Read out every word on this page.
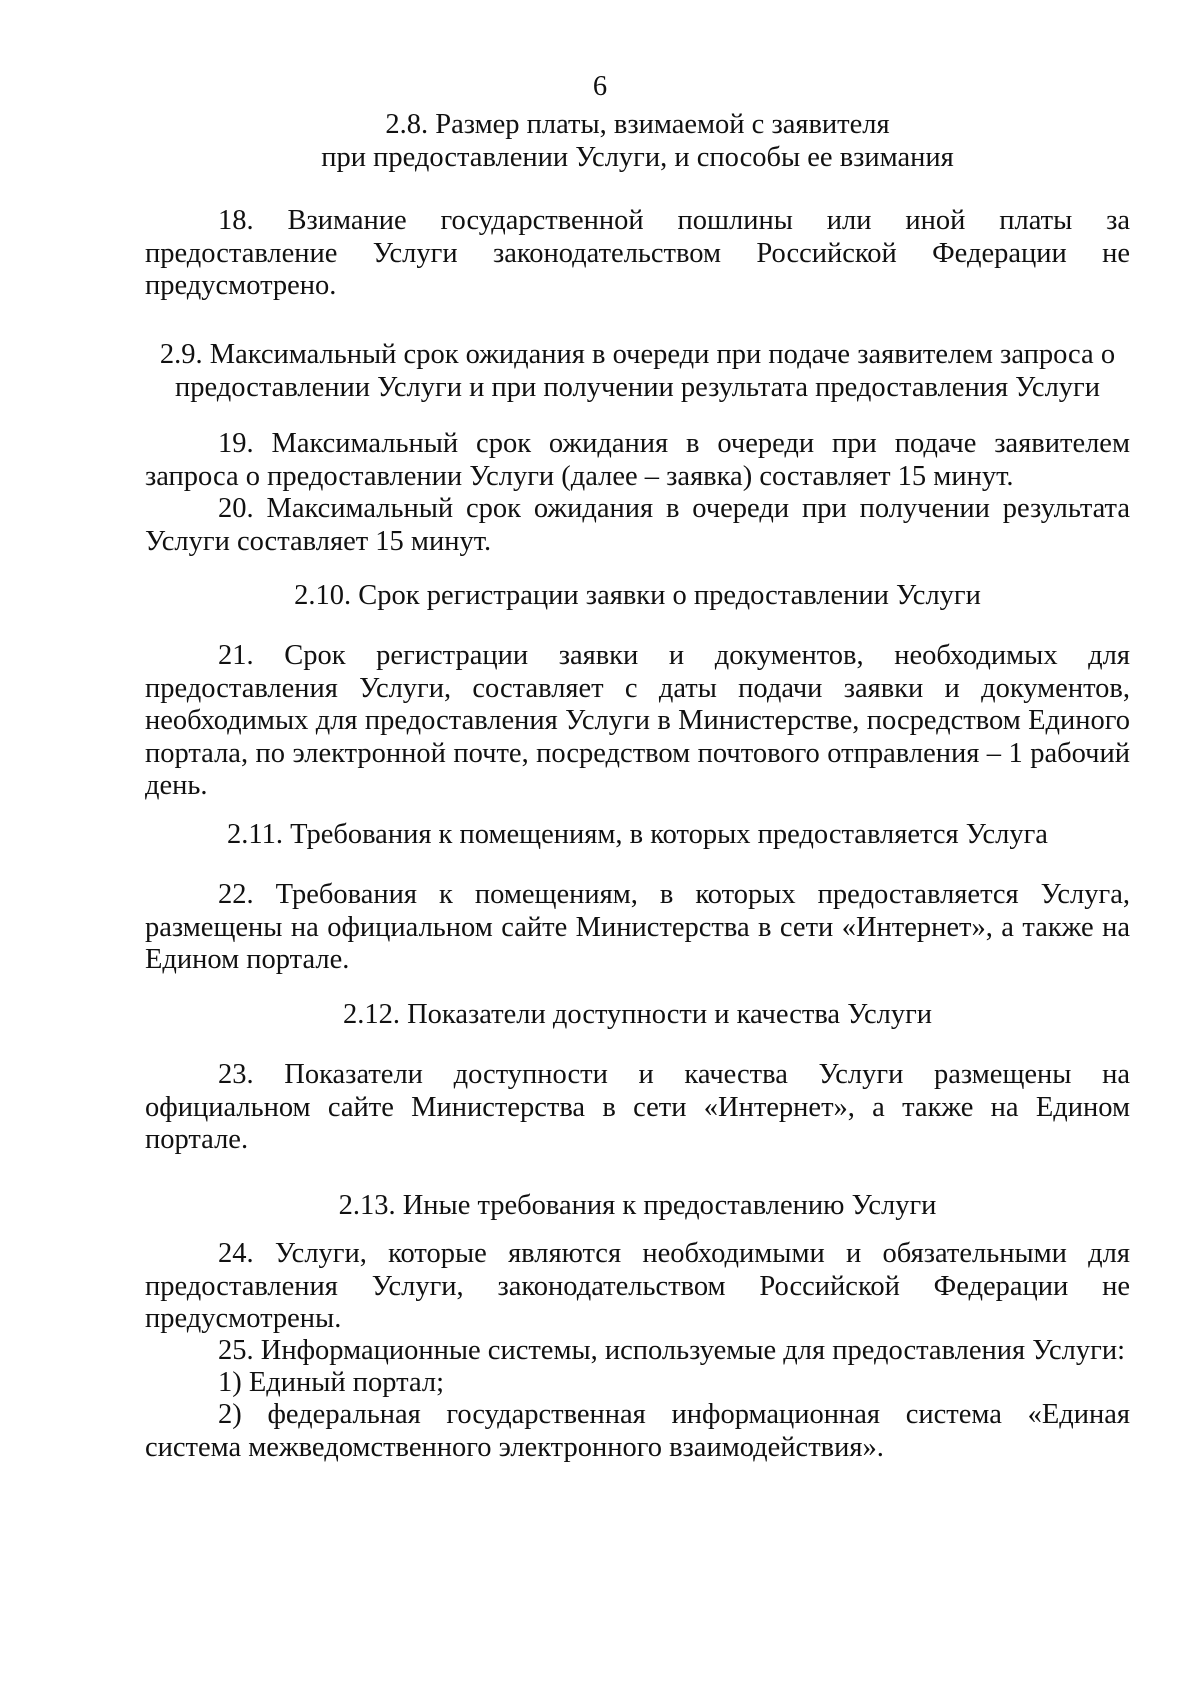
6
2.8. Размер платы, взимаемой с заявителя
при предоставлении Услуги, и способы ее взимания
18. Взимание государственной пошлины или иной платы за
предоставление Услуги законодательством Российской Федерации не
предусмотрено.
2.9. Максимальный срок ожидания в очереди при подаче заявителем запроса о
предоставлении Услуги и при получении результата предоставления Услуги
19. Максимальный срок ожидания в очереди при подаче заявителем
запроса о предоставлении Услуги (далее – заявка) составляет 15 минут.
20. Максимальный срок ожидания в очереди при получении результата
Услуги составляет 15 минут.
2.10. Срок регистрации заявки о предоставлении Услуги
21. Срок регистрации заявки и документов, необходимых для
предоставления Услуги, составляет с даты подачи заявки и документов,
необходимых для предоставления Услуги в Министерстве, посредством Единого
портала, по электронной почте, посредством почтового отправления – 1 рабочий
день.
2.11. Требования к помещениям, в которых предоставляется Услуга
22. Требования к помещениям, в которых предоставляется Услуга,
размещены на официальном сайте Министерства в сети «Интернет», а также на
Едином портале.
2.12. Показатели доступности и качества Услуги
23. Показатели доступности и качества Услуги размещены на
официальном сайте Министерства в сети «Интернет», а также на Едином
портале.
2.13. Иные требования к предоставлению Услуги
24. Услуги, которые являются необходимыми и обязательными для
предоставления Услуги, законодательством Российской Федерации не
предусмотрены.
25. Информационные системы, используемые для предоставления Услуги:
1) Единый портал;
2) федеральная государственная информационная система «Единая
система межведомственного электронного взаимодействия».
